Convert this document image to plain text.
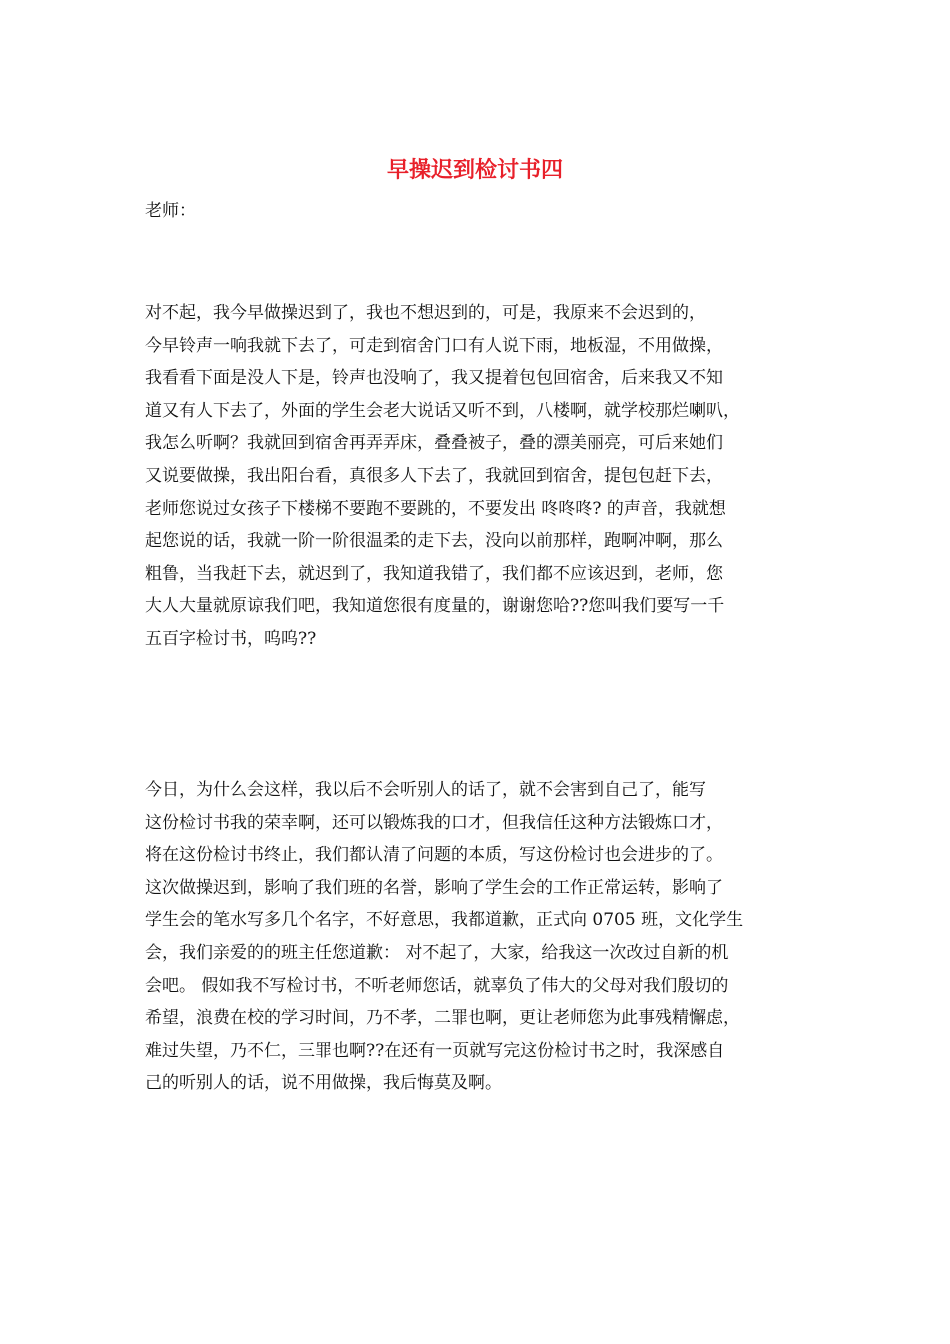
早操迟到检讨书四

老师：

对不起，我今早做操迟到了，我也不想迟到的，可是，我原来不会迟到的，
今早铃声一响我就下去了，可走到宿舍门口有人说下雨，地板湿，不用做操，
我看看下面是没人下是，铃声也没响了，我又提着包包回宿舍，后来我又不知
道又有人下去了，外面的学生会老大说话又听不到，八楼啊，就学校那烂喇叭，
我怎么听啊？我就回到宿舍再弄弄床，叠叠被子，叠的漂美丽亮，可后来她们
又说要做操，我出阳台看，真很多人下去了，我就回到宿舍，提包包赶下去，
老师您说过女孩子下楼梯不要跑不要跳的，不要发出 咚咚咚? 的声音，我就想
起您说的话，我就一阶一阶很温柔的走下去，没向以前那样，跑啊冲啊，那么
粗鲁，当我赶下去，就迟到了，我知道我错了，我们都不应该迟到，老师，您
大人大量就原谅我们吧，我知道您很有度量的，谢谢您哈??您叫我们要写一千
五百字检讨书，呜呜??
今日，为什么会这样，我以后不会听别人的话了，就不会害到自己了，能写
这份检讨书我的荣幸啊，还可以锻炼我的口才，但我信任这种方法锻炼口才，
将在这份检讨书终止，我们都认清了问题的本质，写这份检讨也会进步的了。
这次做操迟到，影响了我们班的名誉，影响了学生会的工作正常运转，影响了
学生会的笔水写多几个名字，不好意思，我都道歉，正式向 0705 班，文化学生
会，我们亲爱的的班主任您道歉： 对不起了，大家，给我这一次改过自新的机
会吧。 假如我不写检讨书，不听老师您话，就辜负了伟大的父母对我们殷切的
希望，浪费在校的学习时间，乃不孝，二罪也啊，更让老师您为此事残精懈虑，
难过失望，乃不仁，三罪也啊??在还有一页就写完这份检讨书之时，我深感自
己的听别人的话，说不用做操，我后悔莫及啊。
